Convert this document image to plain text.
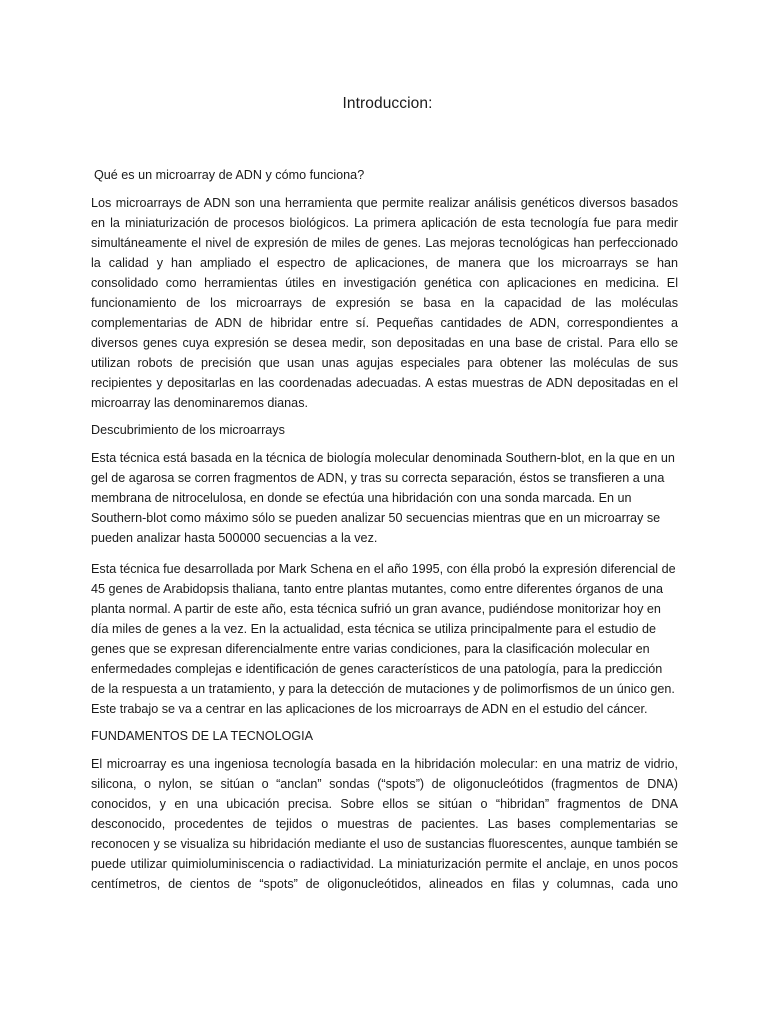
Introduccion:

Qué es un microarray de ADN y cómo funciona?

Los microarrays de ADN son una herramienta que permite realizar análisis genéticos diversos basados en la miniaturización de procesos biológicos. La primera aplicación de esta tecnología fue para medir simultáneamente el nivel de expresión de miles de genes. Las mejoras tecnológicas han perfeccionado la calidad y han ampliado el espectro de aplicaciones, de manera que los microarrays se han consolidado como herramientas útiles en investigación genética con aplicaciones en medicina. El funcionamiento de los microarrays de expresión se basa en la capacidad de las moléculas complementarias de ADN de hibridar entre sí. Pequeñas cantidades de ADN, correspondientes a diversos genes cuya expresión se desea medir, son depositadas en una base de cristal. Para ello se utilizan robots de precisión que usan unas agujas especiales para obtener las moléculas de sus recipientes y depositarlas en las coordenadas adecuadas. A estas muestras de ADN depositadas en el microarray las denominaremos dianas.

Descubrimiento de los microarrays

Esta técnica está basada en la técnica de biología molecular denominada Southern-blot, en la que en un gel de agarosa se corren fragmentos de ADN, y tras su correcta separación, éstos se transfieren a una membrana de nitrocelulosa, en donde se efectúa una hibridación con una sonda marcada. En un Southern-blot como máximo sólo se pueden analizar 50 secuencias mientras que en un microarray se pueden analizar hasta 500000 secuencias a la vez.

Esta técnica fue desarrollada por Mark Schena en el año 1995, con élla probó la expresión diferencial de 45 genes de Arabidopsis thaliana, tanto entre plantas mutantes, como entre diferentes órganos de una planta normal. A partir de este año, esta técnica sufrió un gran avance, pudiéndose monitorizar hoy en día miles de genes a la vez. En la actualidad, esta técnica se utiliza principalmente para el estudio de genes que se expresan diferencialmente entre varias condiciones, para la clasificación molecular en enfermedades complejas e identificación de genes característicos de una patología, para la predicción de la respuesta a un tratamiento, y para la detección de mutaciones y de polimorfismos de un único gen. Este trabajo se va a centrar en las aplicaciones de los microarrays de ADN en el estudio del cáncer.

FUNDAMENTOS DE LA TECNOLOGIA

El microarray es una ingeniosa tecnología basada en la hibridación molecular: en una matriz de vidrio, silicona, o nylon, se sitúan o “anclan” sondas (“spots”) de oligonucleótidos (fragmentos de DNA) conocidos, y en una ubicación precisa. Sobre ellos se sitúan o “hibridan” fragmentos de DNA desconocido, procedentes de tejidos o muestras de pacientes. Las bases complementarias se reconocen y se visualiza su hibridación mediante el uso de sustancias fluorescentes, aunque también se puede utilizar quimioluminiscencia o radiactividad. La miniaturización permite el anclaje, en unos pocos centímetros, de cientos de “spots” de oligonucleótidos, alineados en filas y columnas, cada uno
